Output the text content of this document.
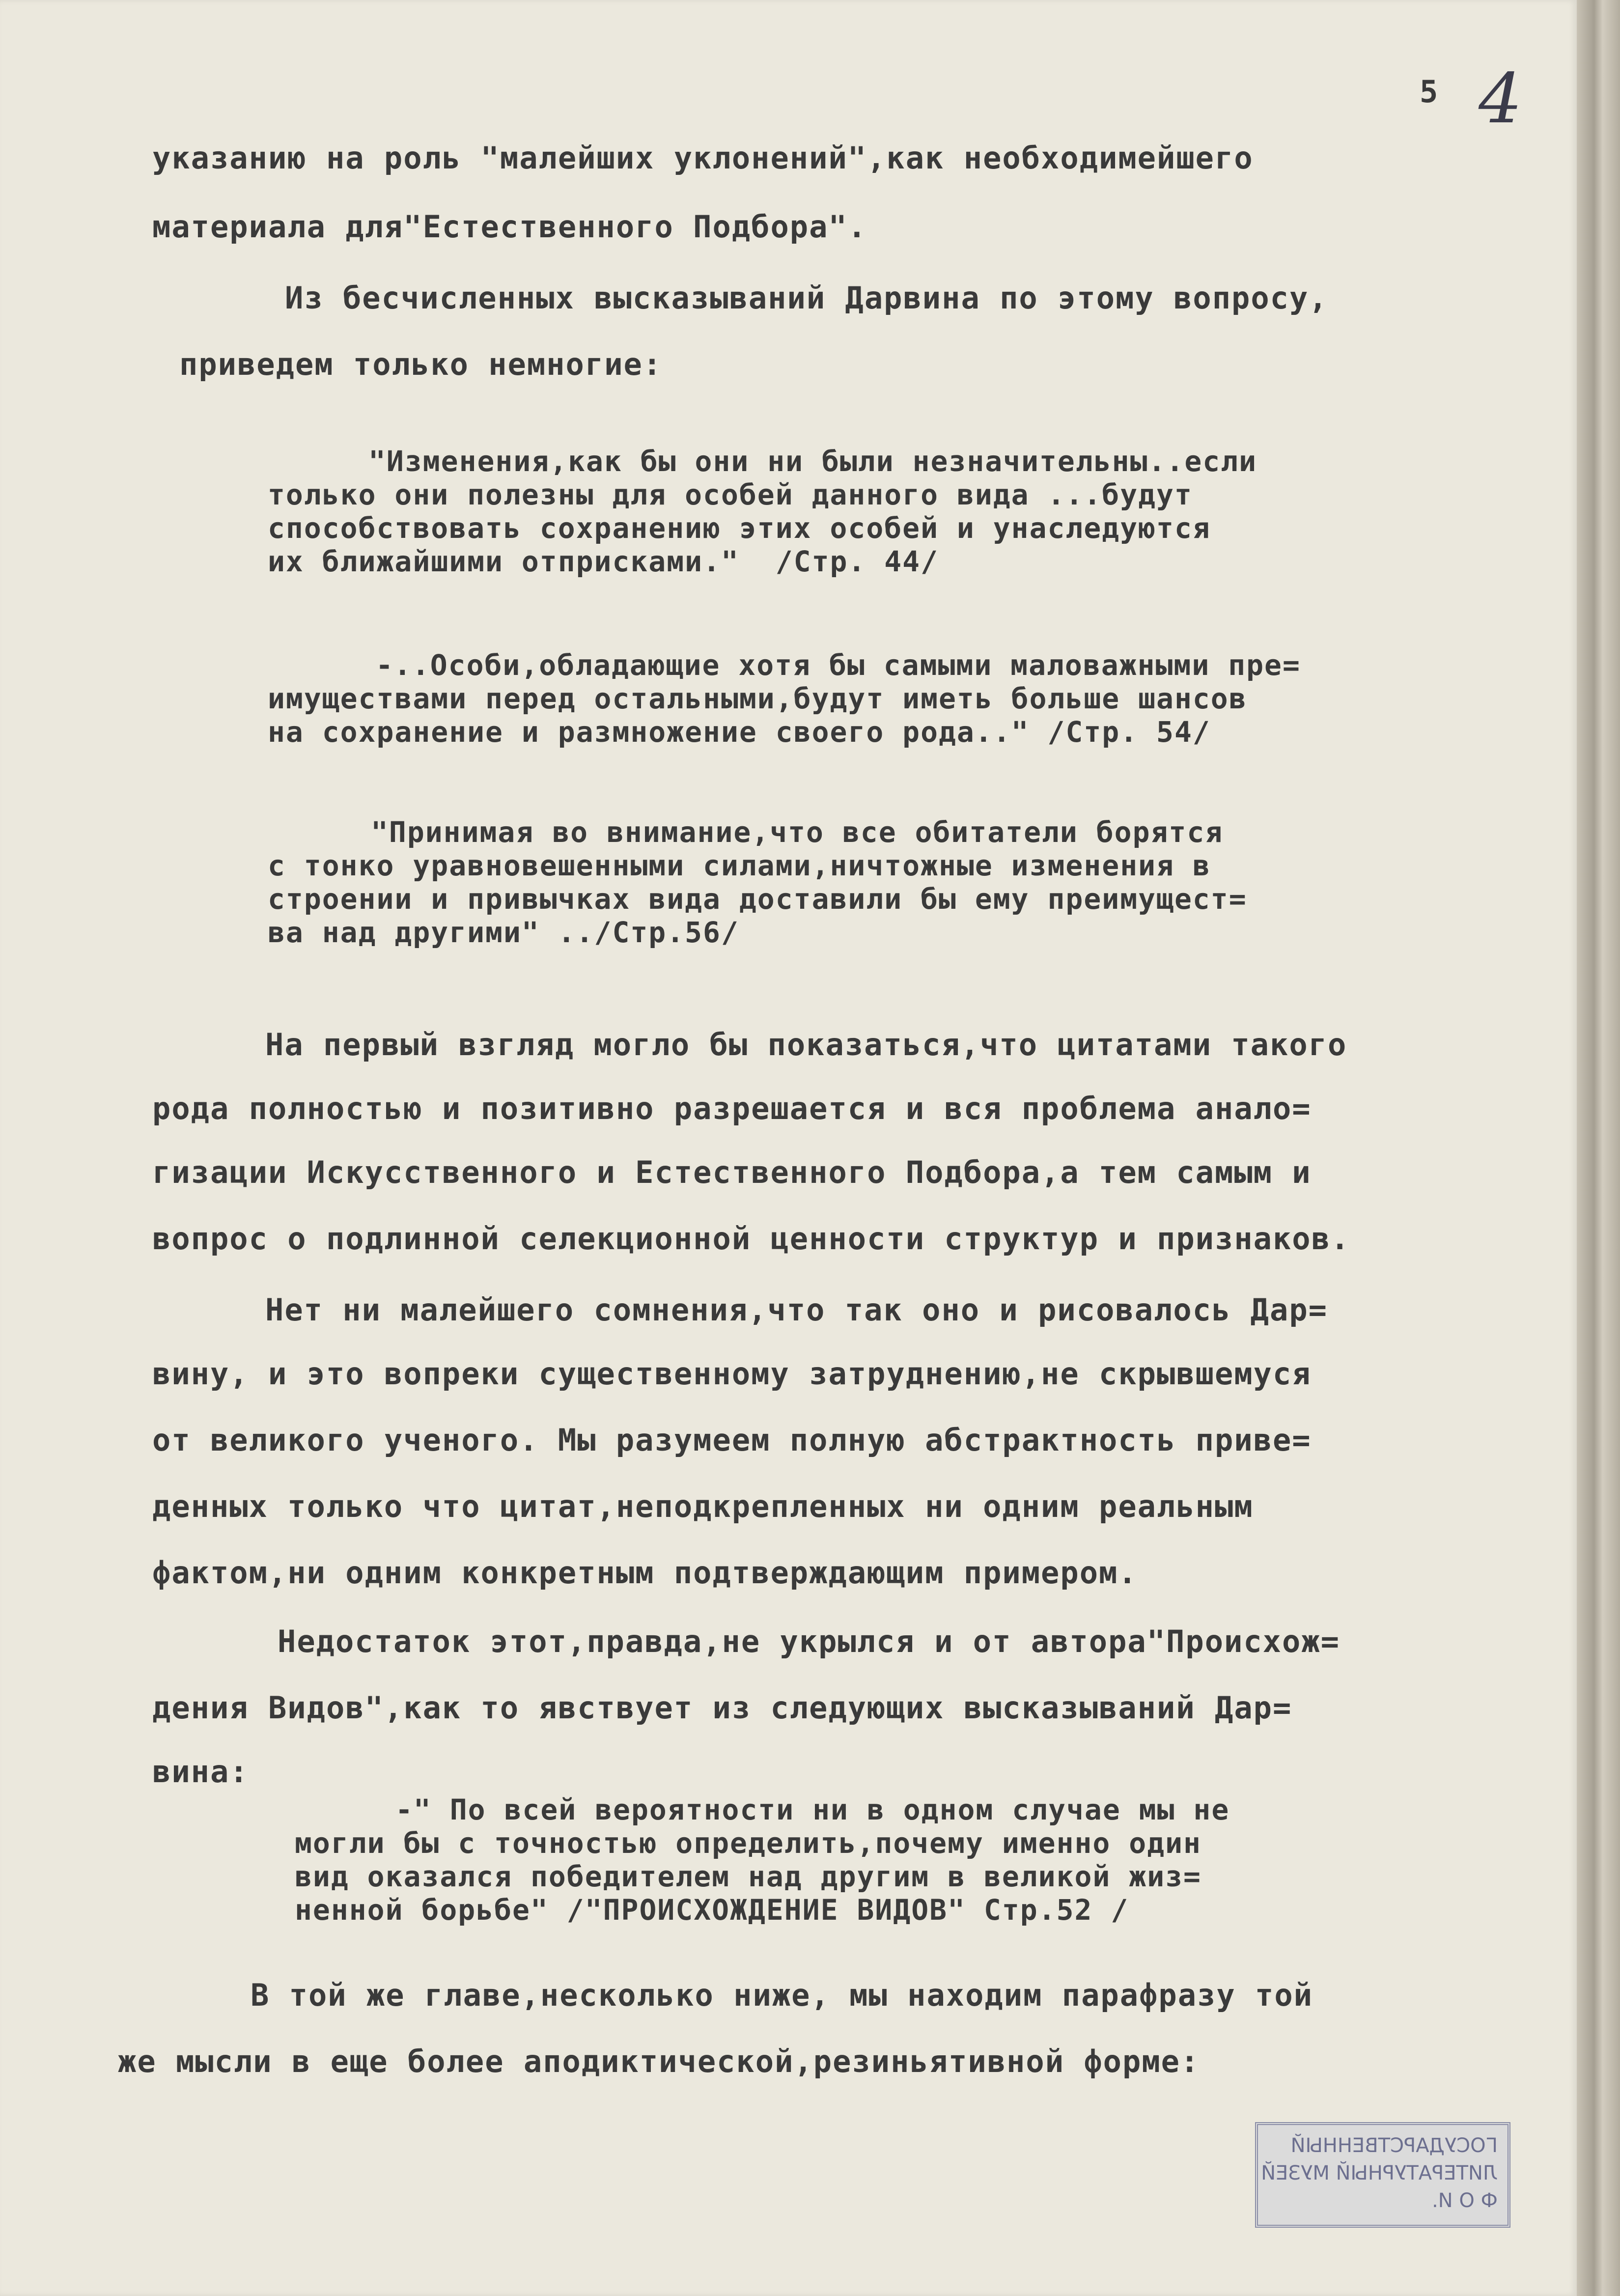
5 4
указанию на роль "малейших уклонений",как необходимейшего
материала для"Естественного Подбора".
Из бесчисленных высказываний Дарвина по этому вопросу,
приведем только немногие:
"Изменения,как бы они ни были незначительны..если
только они полезны для особей данного вида ...будут
способствовать сохранению этих особей и унаследуются
их ближайшими отприсками."  /Стр. 44/
-..Особи,обладающие хотя бы самыми маловажными пре=
имуществами перед остальными,будут иметь больше шансов
на сохранение и размножение своего рода.." /Стр. 54/
"Принимая во внимание,что все обитатели борятся
с тонко уравновешенными силами,ничтожные изменения в
строении и привычках вида доставили бы ему преимущест=
ва над другими" ../Стр.56/
На первый взгляд могло бы показаться,что цитатами такого
рода полностью и позитивно разрешается и вся проблема анало=
гизации Искусственного и Естественного Подбора,а тем самым и
вопрос о подлинной селекционной ценности структур и признаков.
Нет ни малейшего сомнения,что так оно и рисовалось Дар=
вину, и это вопреки существенному затруднению,не скрывшемуся
от великого ученого. Мы разумеем полную абстрактность приве=
денных только что цитат,неподкрепленных ни одним реальным
фактом,ни одним конкретным подтверждающим примером.
Недостаток этот,правда,не укрылся и от автора"Происхож=
дения Видов",как то явствует из следующих высказываний Дар=
вина:
-" По всей вероятности ни в одном случае мы не
могли бы с точностью определить,почему именно один
вид оказался победителем над другим в великой жиз=
ненной борьбе" /"ПРОИСХОЖДЕНИЕ ВИДОВ" Стр.52 /
В той же главе,несколько ниже, мы находим парафразу той
же мысли в еще более аподиктической,резиньятивной форме:
ГОСУДАРСТВЕННЫЙ
ЛИТЕРАТУРНЫЙ МУЗЕЙ
Ф О И.
